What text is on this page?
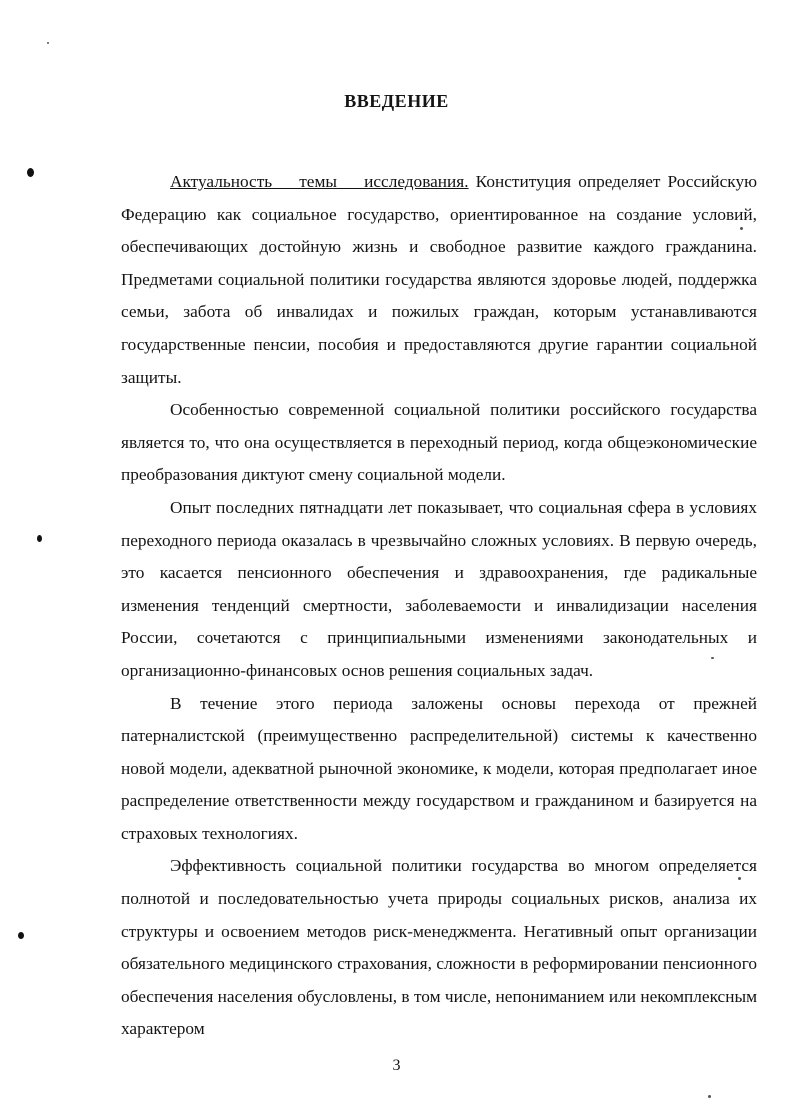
ВВЕДЕНИЕ

Актуальность темы исследования. Конституция определяет Российскую Федерацию как социальное государство, ориентированное на создание условий, обеспечивающих достойную жизнь и свободное развитие каждого гражданина. Предметами социальной политики государства являются здоровье людей, поддержка семьи, забота об инвалидах и пожилых граждан, которым устанавливаются государственные пенсии, пособия и предоставляются другие гарантии социальной защиты.

Особенностью современной социальной политики российского государства является то, что она осуществляется в переходный период, когда общеэкономические преобразования диктуют смену социальной модели.

Опыт последних пятнадцати лет показывает, что социальная сфера в условиях переходного периода оказалась в чрезвычайно сложных условиях. В первую очередь, это касается пенсионного обеспечения и здравоохранения, где радикальные изменения тенденций смертности, заболеваемости и инвалидизации населения России, сочетаются с принципиальными изменениями законодательных и организационно-финансовых основ решения социальных задач.

В течение этого периода заложены основы перехода от прежней патерналистской (преимущественно распределительной) системы к качественно новой модели, адекватной рыночной экономике, к модели, которая предполагает иное распределение ответственности между государством и гражданином и базируется на страховых технологиях.

Эффективность социальной политики государства во многом определяется полнотой и последовательностью учета природы социальных рисков, анализа их структуры и освоением методов риск-менеджмента. Негативный опыт организации обязательного медицинского страхования, сложности в реформировании пенсионного обеспечения населения обусловлены, в том числе, непониманием или некомплексным характером

3
